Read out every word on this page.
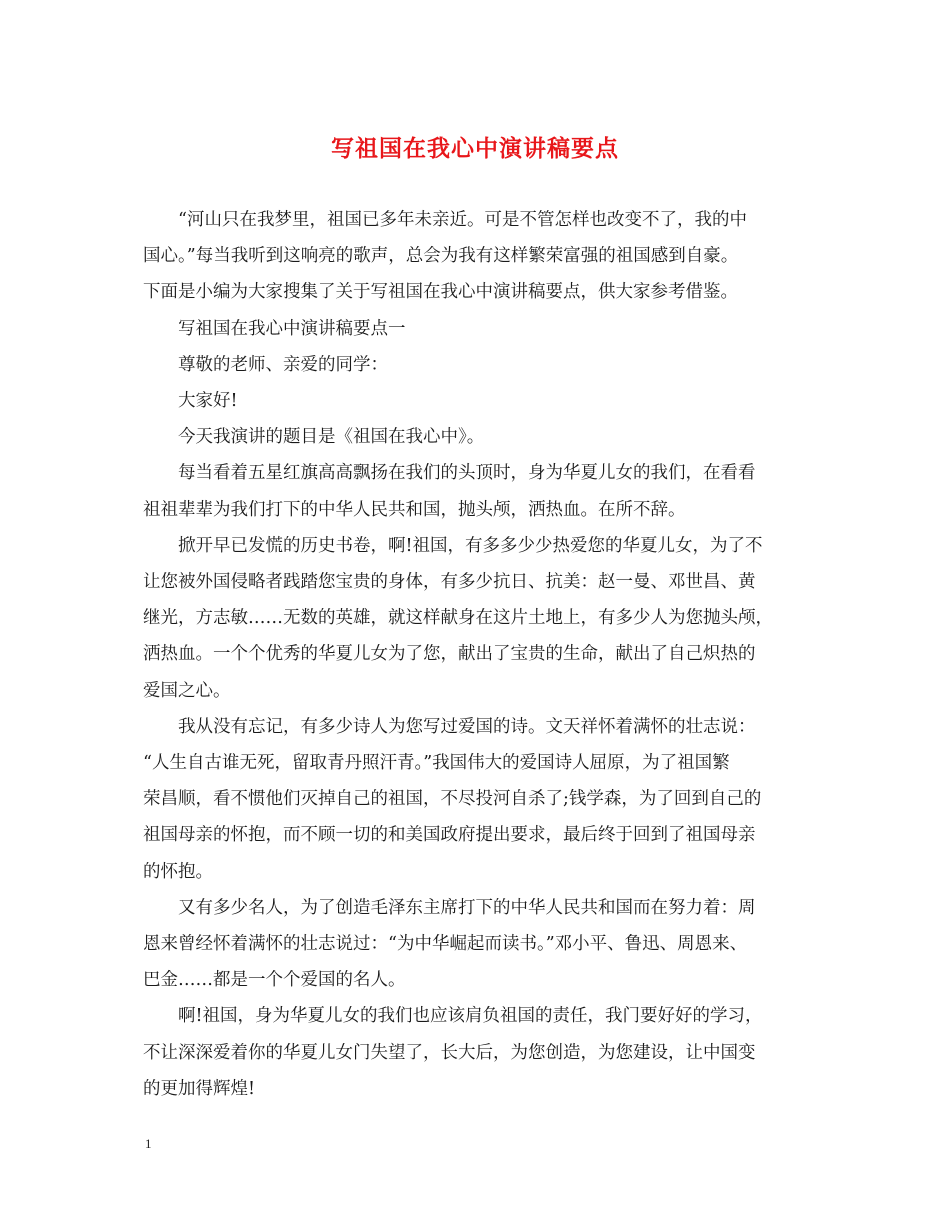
写祖国在我心中演讲稿要点

“河山只在我梦里，祖国已多年未亲近。可是不管怎样也改变不了，我的中
国心。”每当我听到这响亮的歌声，总会为我有这样繁荣富强的祖国感到自豪。
下面是小编为大家搜集了关于写祖国在我心中演讲稿要点，供大家参考借鉴。

写祖国在我心中演讲稿要点一

尊敬的老师、亲爱的同学：

大家好!

今天我演讲的题目是《祖国在我心中》。

每当看着五星红旗高高飘扬在我们的头顶时，身为华夏儿女的我们，在看看
祖祖辈辈为我们打下的中华人民共和国，抛头颅，洒热血。在所不辞。

掀开早已发慌的历史书卷，啊!祖国，有多多少少热爱您的华夏儿女，为了不
让您被外国侵略者践踏您宝贵的身体，有多少抗日、抗美：赵一曼、邓世昌、黄
继光，方志敏……无数的英雄，就这样献身在这片土地上，有多少人为您抛头颅，
洒热血。一个个优秀的华夏儿女为了您，献出了宝贵的生命，献出了自己炽热的
爱国之心。

我从没有忘记，有多少诗人为您写过爱国的诗。文天祥怀着满怀的壮志说：
“人生自古谁无死，留取青丹照汗青。”我国伟大的爱国诗人屈原，为了祖国繁
荣昌顺，看不惯他们灭掉自己的祖国，不尽投河自杀了;钱学森，为了回到自己的
祖国母亲的怀抱，而不顾一切的和美国政府提出要求，最后终于回到了祖国母亲
的怀抱。

又有多少名人，为了创造毛泽东主席打下的中华人民共和国而在努力着：周
恩来曾经怀着满怀的壮志说过：“为中华崛起而读书。”邓小平、鲁迅、周恩来、
巴金……都是一个个爱国的名人。

啊!祖国，身为华夏儿女的我们也应该肩负祖国的责任，我门要好好的学习，
不让深深爱着你的华夏儿女门失望了，长大后，为您创造，为您建设，让中国变
的更加得辉煌!

1
